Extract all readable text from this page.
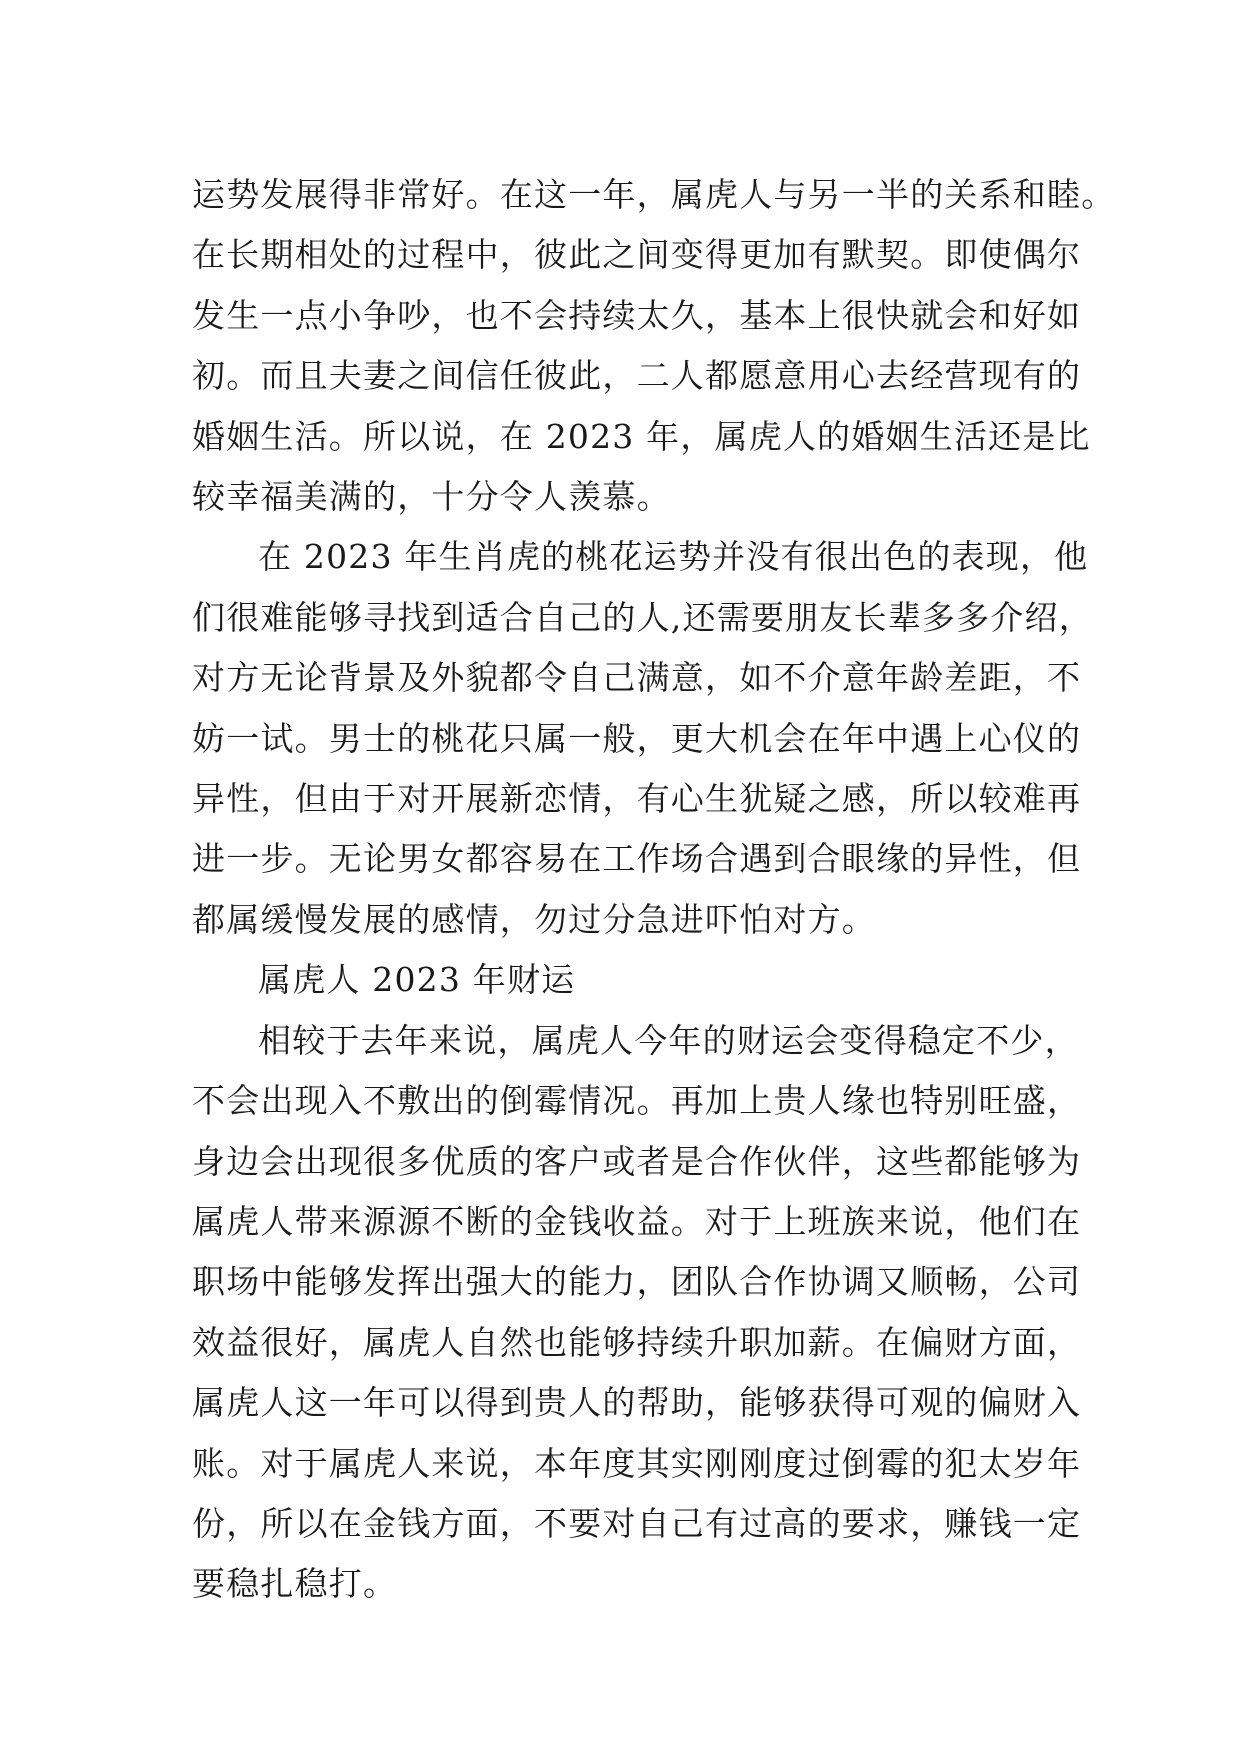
运势发展得非常好。在这一年，属虎人与另一半的关系和睦。
在长期相处的过程中，彼此之间变得更加有默契。即使偶尔
发生一点小争吵，也不会持续太久，基本上很快就会和好如
初。而且夫妻之间信任彼此，二人都愿意用心去经营现有的
婚姻生活。所以说，在 2023 年，属虎人的婚姻生活还是比
较幸福美满的，十分令人羡慕。
在 2023 年生肖虎的桃花运势并没有很出色的表现，他
们很难能够寻找到适合自己的人,还需要朋友长辈多多介绍，
对方无论背景及外貌都令自己满意，如不介意年龄差距，不
妨一试。男士的桃花只属一般，更大机会在年中遇上心仪的
异性，但由于对开展新恋情，有心生犹疑之感，所以较难再
进一步。无论男女都容易在工作场合遇到合眼缘的异性，但
都属缓慢发展的感情，勿过分急进吓怕对方。
属虎人 2023 年财运
相较于去年来说，属虎人今年的财运会变得稳定不少，
不会出现入不敷出的倒霉情况。再加上贵人缘也特别旺盛，
身边会出现很多优质的客户或者是合作伙伴，这些都能够为
属虎人带来源源不断的金钱收益。对于上班族来说，他们在
职场中能够发挥出强大的能力，团队合作协调又顺畅，公司
效益很好，属虎人自然也能够持续升职加薪。在偏财方面，
属虎人这一年可以得到贵人的帮助，能够获得可观的偏财入
账。对于属虎人来说，本年度其实刚刚度过倒霉的犯太岁年
份，所以在金钱方面，不要对自己有过高的要求，赚钱一定
要稳扎稳打。
